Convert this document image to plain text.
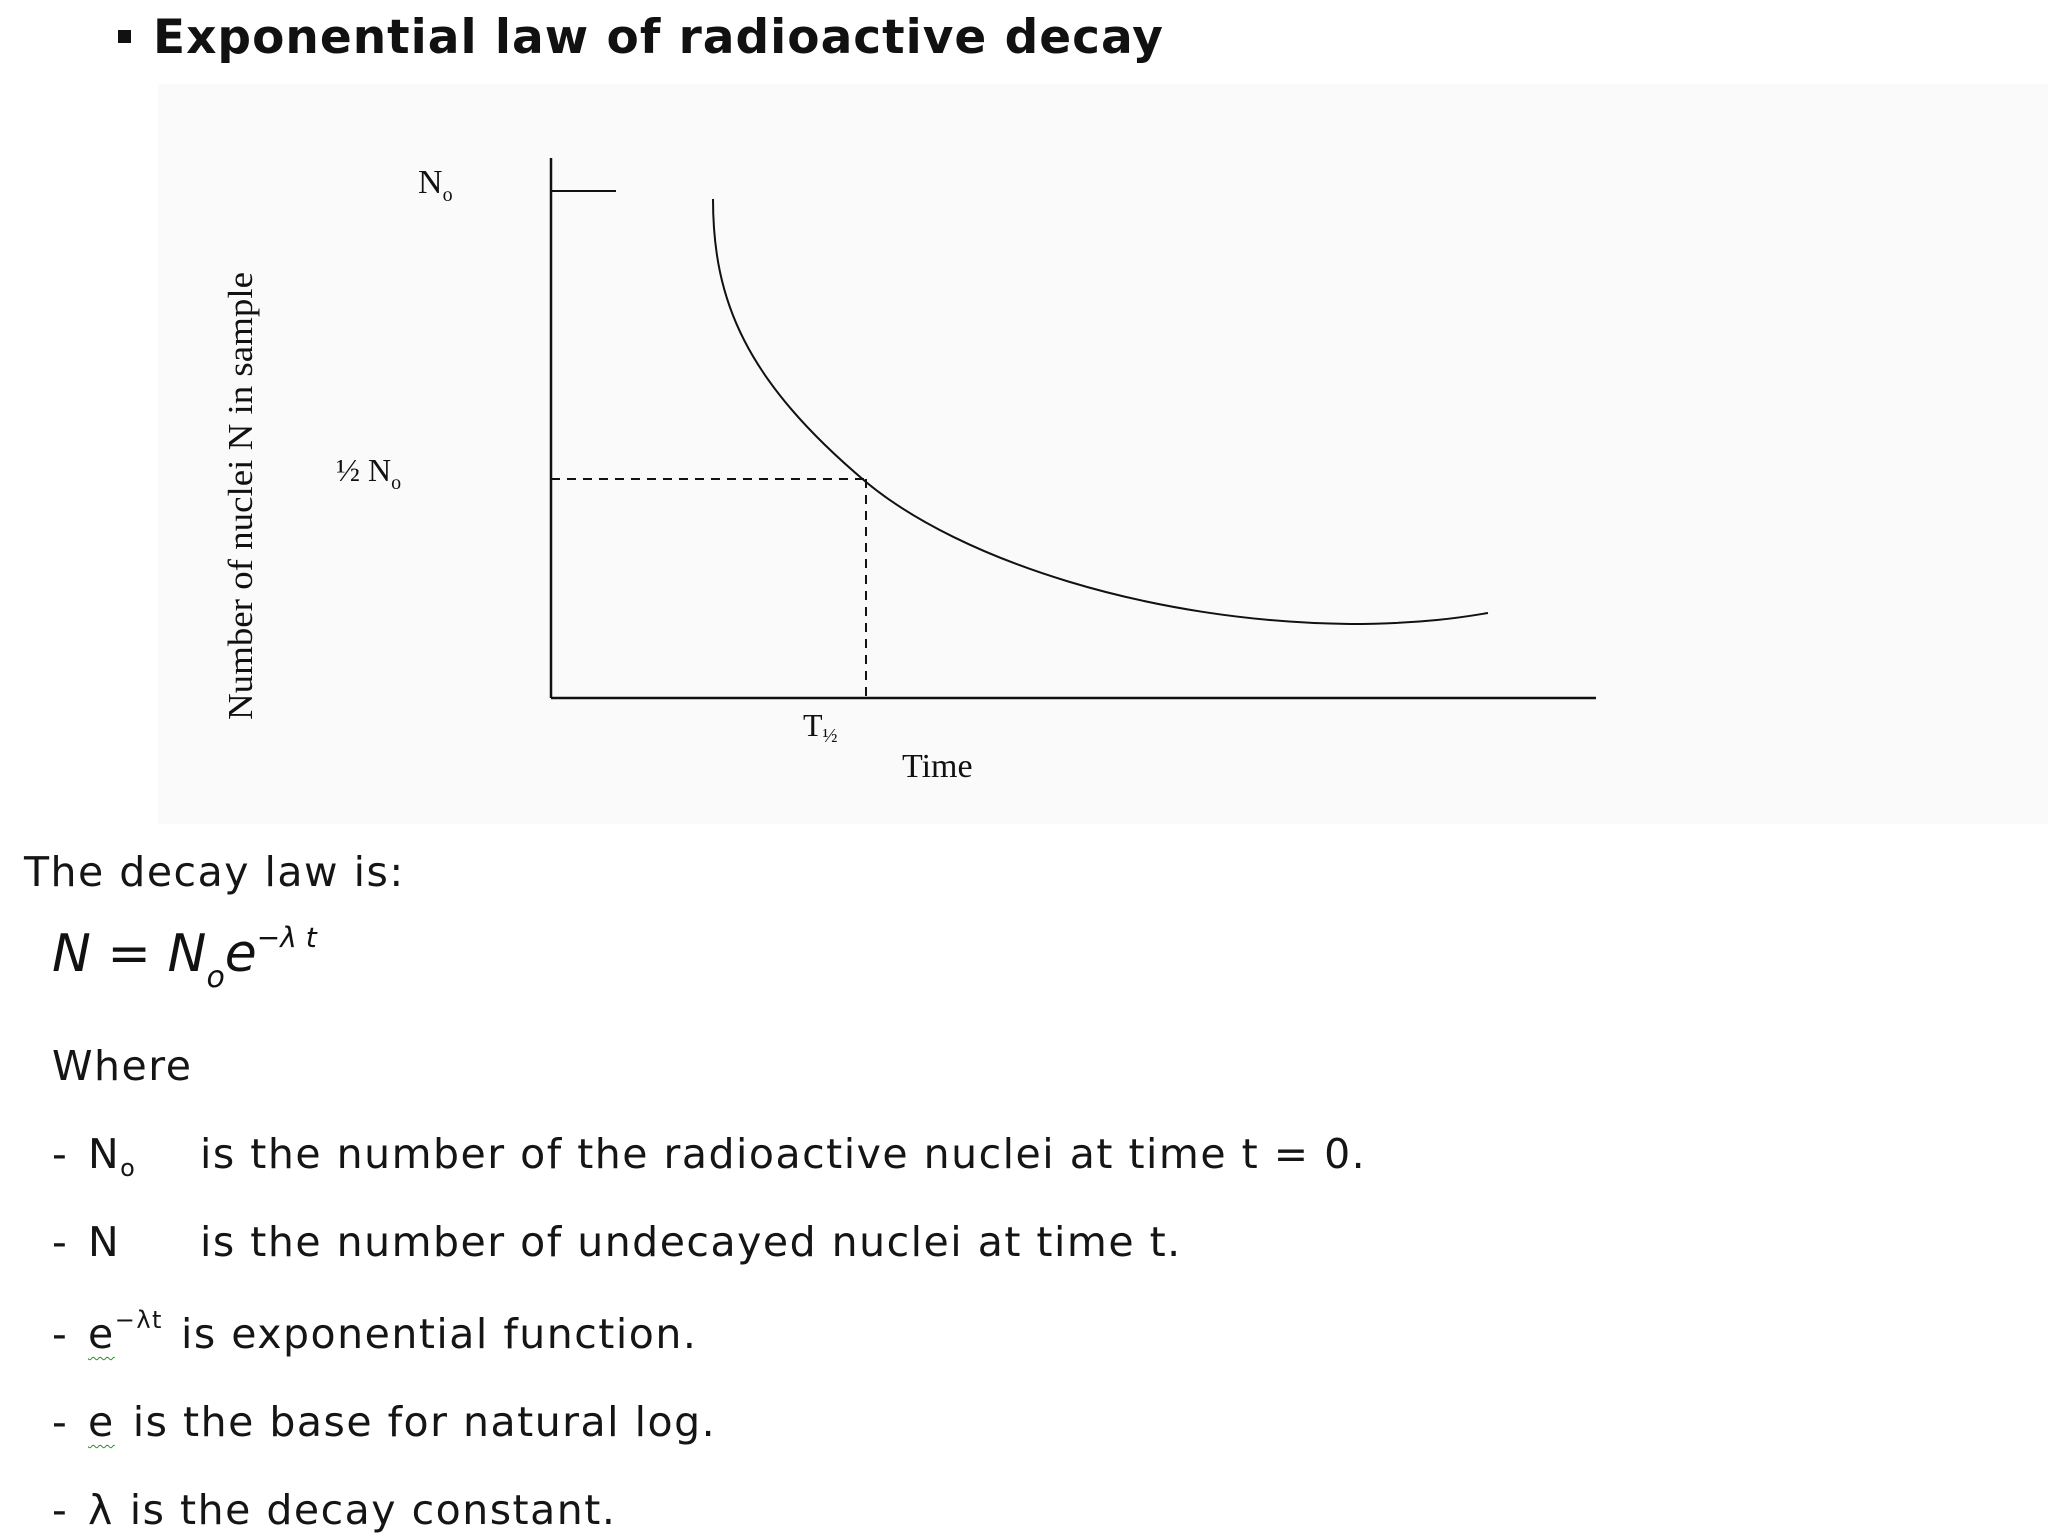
Exponential law of radioactive decay
$N_o$
½ $N_o$
T½
Time
Number of nuclei N in sample
The decay law is:
$N = N_oe^{-\lambda t}$
Where
- No is the number of the radioactive nuclei at time t = 0.
- N is the number of undecayed nuclei at time t.
- $e^{-\lambda t}$ is exponential function.
- e is the base for natural log.
- λ is the decay constant.
